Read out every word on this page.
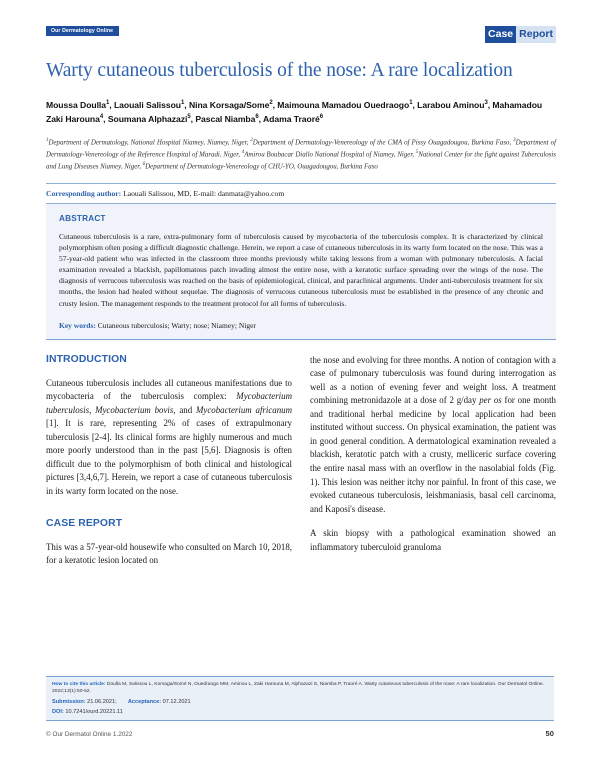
Our Dermatology Online	Case Report
Warty cutaneous tuberculosis of the nose: A rare localization
Moussa Doulla$^1$, Laouali Salissou$^1$, Nina Korsaga/Some$^2$, Maimouna Mamadou Ouedraogo$^1$, Larabou Aminou$^3$, Mahamadou Zaki Harouna$^4$, Soumana Alphazazi$^5$, Pascal Niamba$^6$, Adama Traoré$^6$
$^1$Department of Dermatology, National Hospital Niamey, Niamey, Niger, $^2$Department of Dermatology-Venereology of the CMA of Pissy Ouagadougou, Burkina Faso, $^3$Department of Dermatology-Venereology of the Reference Hospital of Maradi, Niger, $^4$Amirou Boubacar Diallo National Hospital of Niamey, Niger, $^5$National Center for the fight against Tuberculosis and Lung Diseases Niamey, Niger, $^6$Department of Dermatology-Venereology of CHU-YO, Ouagadougou, Burkina Faso
Corresponding author: Laouali Salissou, MD, E-mail: danmata@yahoo.com
ABSTRACT
Cutaneous tuberculosis is a rare, extra-pulmonary form of tuberculosis caused by mycobacteria of the tuberculosis complex. It is characterized by clinical polymorphism often posing a difficult diagnostic challenge. Herein, we report a case of cutaneous tuberculosis in its warty form located on the nose. This was a 57-year-old patient who was infected in the classroom three months previously while taking lessons from a woman with pulmonary tuberculosis. A facial examination revealed a blackish, papillomatous patch invading almost the entire nose, with a keratotic surface spreading over the wings of the nose. The diagnosis of verrucous tuberculosis was reached on the basis of epidemiological, clinical, and paraclinical arguments. Under anti-tuberculosis treatment for six months, the lesion had healed without sequelae. The diagnosis of verrucous cutaneous tuberculosis must be established in the presence of any chronic and crusty lesion. The management responds to the treatment protocol for all forms of tuberculosis.
Key words: Cutaneous tuberculosis; Warty; nose; Niamey; Niger
INTRODUCTION
Cutaneous tuberculosis includes all cutaneous manifestations due to mycobacteria of the tuberculosis complex: Mycobacterium tuberculosis, Mycobacterium bovis, and Mycobacterium africanum [1]. It is rare, representing 2% of cases of extrapulmonary tuberculosis [2-4]. Its clinical forms are highly numerous and much more poorly understood than in the past [5,6]. Diagnosis is often difficult due to the polymorphism of both clinical and histological pictures [3,4,6,7]. Herein, we report a case of cutaneous tuberculosis in its warty form located on the nose.
CASE REPORT
This was a 57-year-old housewife who consulted on March 10, 2018, for a keratotic lesion located on
the nose and evolving for three months. A notion of contagion with a case of pulmonary tuberculosis was found during interrogation as well as a notion of evening fever and weight loss. A treatment combining metronidazole at a dose of 2 g/day per os for one month and traditional herbal medicine by local application had been instituted without success. On physical examination, the patient was in good general condition. A dermatological examination revealed a blackish, keratotic patch with a crusty, melliceric surface covering the entire nasal mass with an overflow in the nasolabial folds (Fig. 1). This lesion was neither itchy nor painful. In front of this case, we evoked cutaneous tuberculosis, leishmaniasis, basal cell carcinoma, and Kaposi's disease.
A skin biopsy with a pathological examination showed an inflammatory tuberculoid granuloma
How to cite this article: Doulla M, Salissou L, Korsaga/Somé N, Ouedraogo MM, Aminou L, Zaki Harouna M, Alphazazi S, Niamba P, Traoré A. Warty cutaneous tuberculosis of the nose: A rare localization. Our Dermatol Online. 2022;13(1):50-52.
Submission: 21.06.2021; Acceptance: 07.12.2021
DOI: 10.7241/ourd.20221.11
© Our Dermatol Online 1.2022	50
